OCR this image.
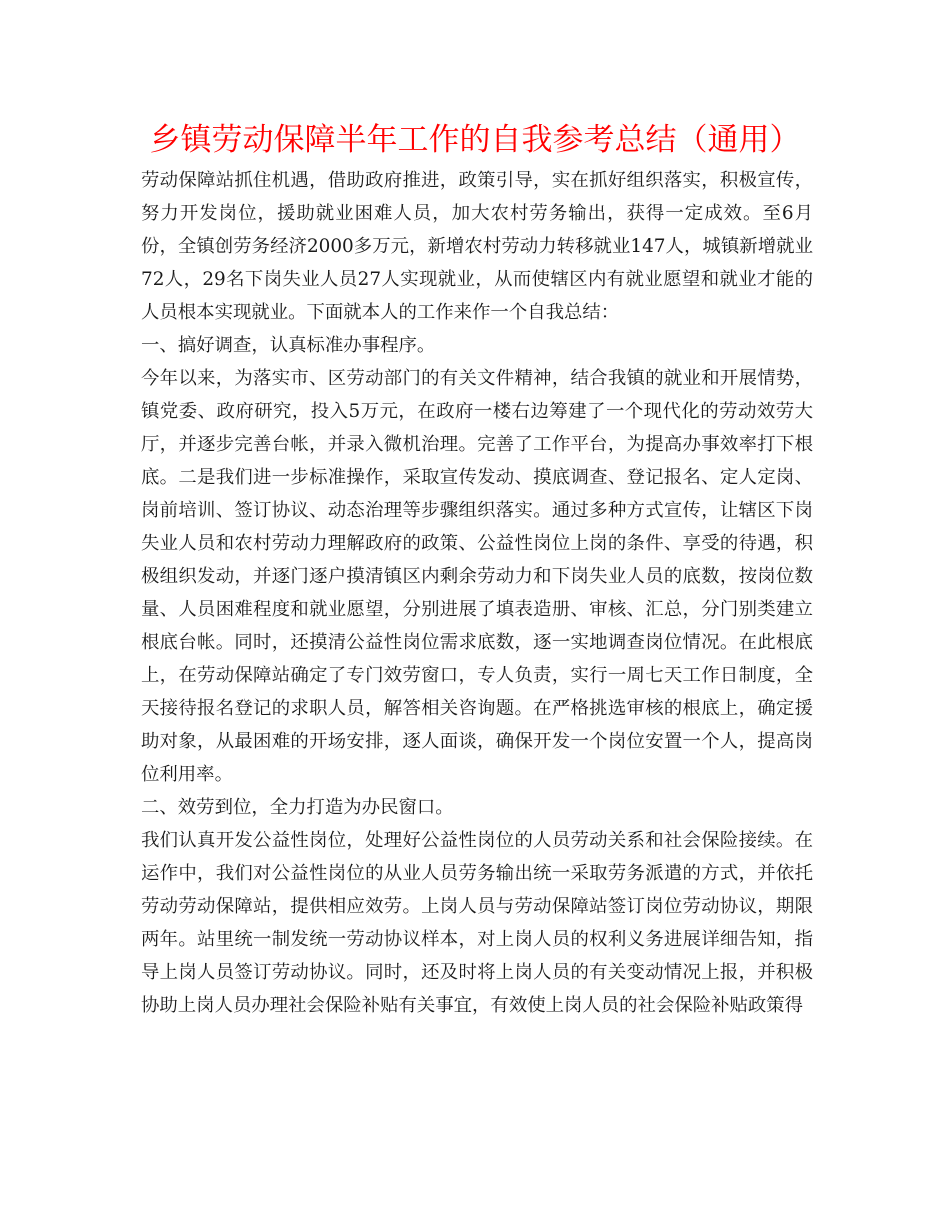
乡镇劳动保障半年工作的自我参考总结（通用）

劳动保障站抓住机遇，借助政府推进，政策引导，实在抓好组织落实，积极宣传，努力开发岗位，援助就业困难人员，加大农村劳务输出，获得一定成效。至6月份，全镇创劳务经济2000多万元，新增农村劳动力转移就业147人，城镇新增就业72人，29名下岗失业人员27人实现就业，从而使辖区内有就业愿望和就业才能的人员根本实现就业。下面就本人的工作来作一个自我总结：

一、搞好调查，认真标准办事程序。

今年以来，为落实市、区劳动部门的有关文件精神，结合我镇的就业和开展情势，镇党委、政府研究，投入5万元，在政府一楼右边筹建了一个现代化的劳动效劳大厅，并逐步完善台帐，并录入微机治理。完善了工作平台，为提高办事效率打下根底。二是我们进一步标准操作，采取宣传发动、摸底调查、登记报名、定人定岗、岗前培训、签订协议、动态治理等步骤组织落实。通过多种方式宣传，让辖区下岗失业人员和农村劳动力理解政府的政策、公益性岗位上岗的条件、享受的待遇，积极组织发动，并逐门逐户摸清镇区内剩余劳动力和下岗失业人员的底数，按岗位数量、人员困难程度和就业愿望，分别进展了填表造册、审核、汇总，分门别类建立根底台帐。同时，还摸清公益性岗位需求底数，逐一实地调查岗位情况。在此根底上，在劳动保障站确定了专门效劳窗口，专人负责，实行一周七天工作日制度，全天接待报名登记的求职人员，解答相关咨询题。在严格挑选审核的根底上，确定援助对象，从最困难的开场安排，逐人面谈，确保开发一个岗位安置一个人，提高岗位利用率。

二、效劳到位，全力打造为办民窗口。

我们认真开发公益性岗位，处理好公益性岗位的人员劳动关系和社会保险接续。在运作中，我们对公益性岗位的从业人员劳务输出统一采取劳务派遣的方式，并依托劳动劳动保障站，提供相应效劳。上岗人员与劳动保障站签订岗位劳动协议，期限两年。站里统一制发统一劳动协议样本，对上岗人员的权利义务进展详细告知，指导上岗人员签订劳动协议。同时，还及时将上岗人员的有关变动情况上报，并积极协助上岗人员办理社会保险补贴有关事宜，有效使上岗人员的社会保险补贴政策得
